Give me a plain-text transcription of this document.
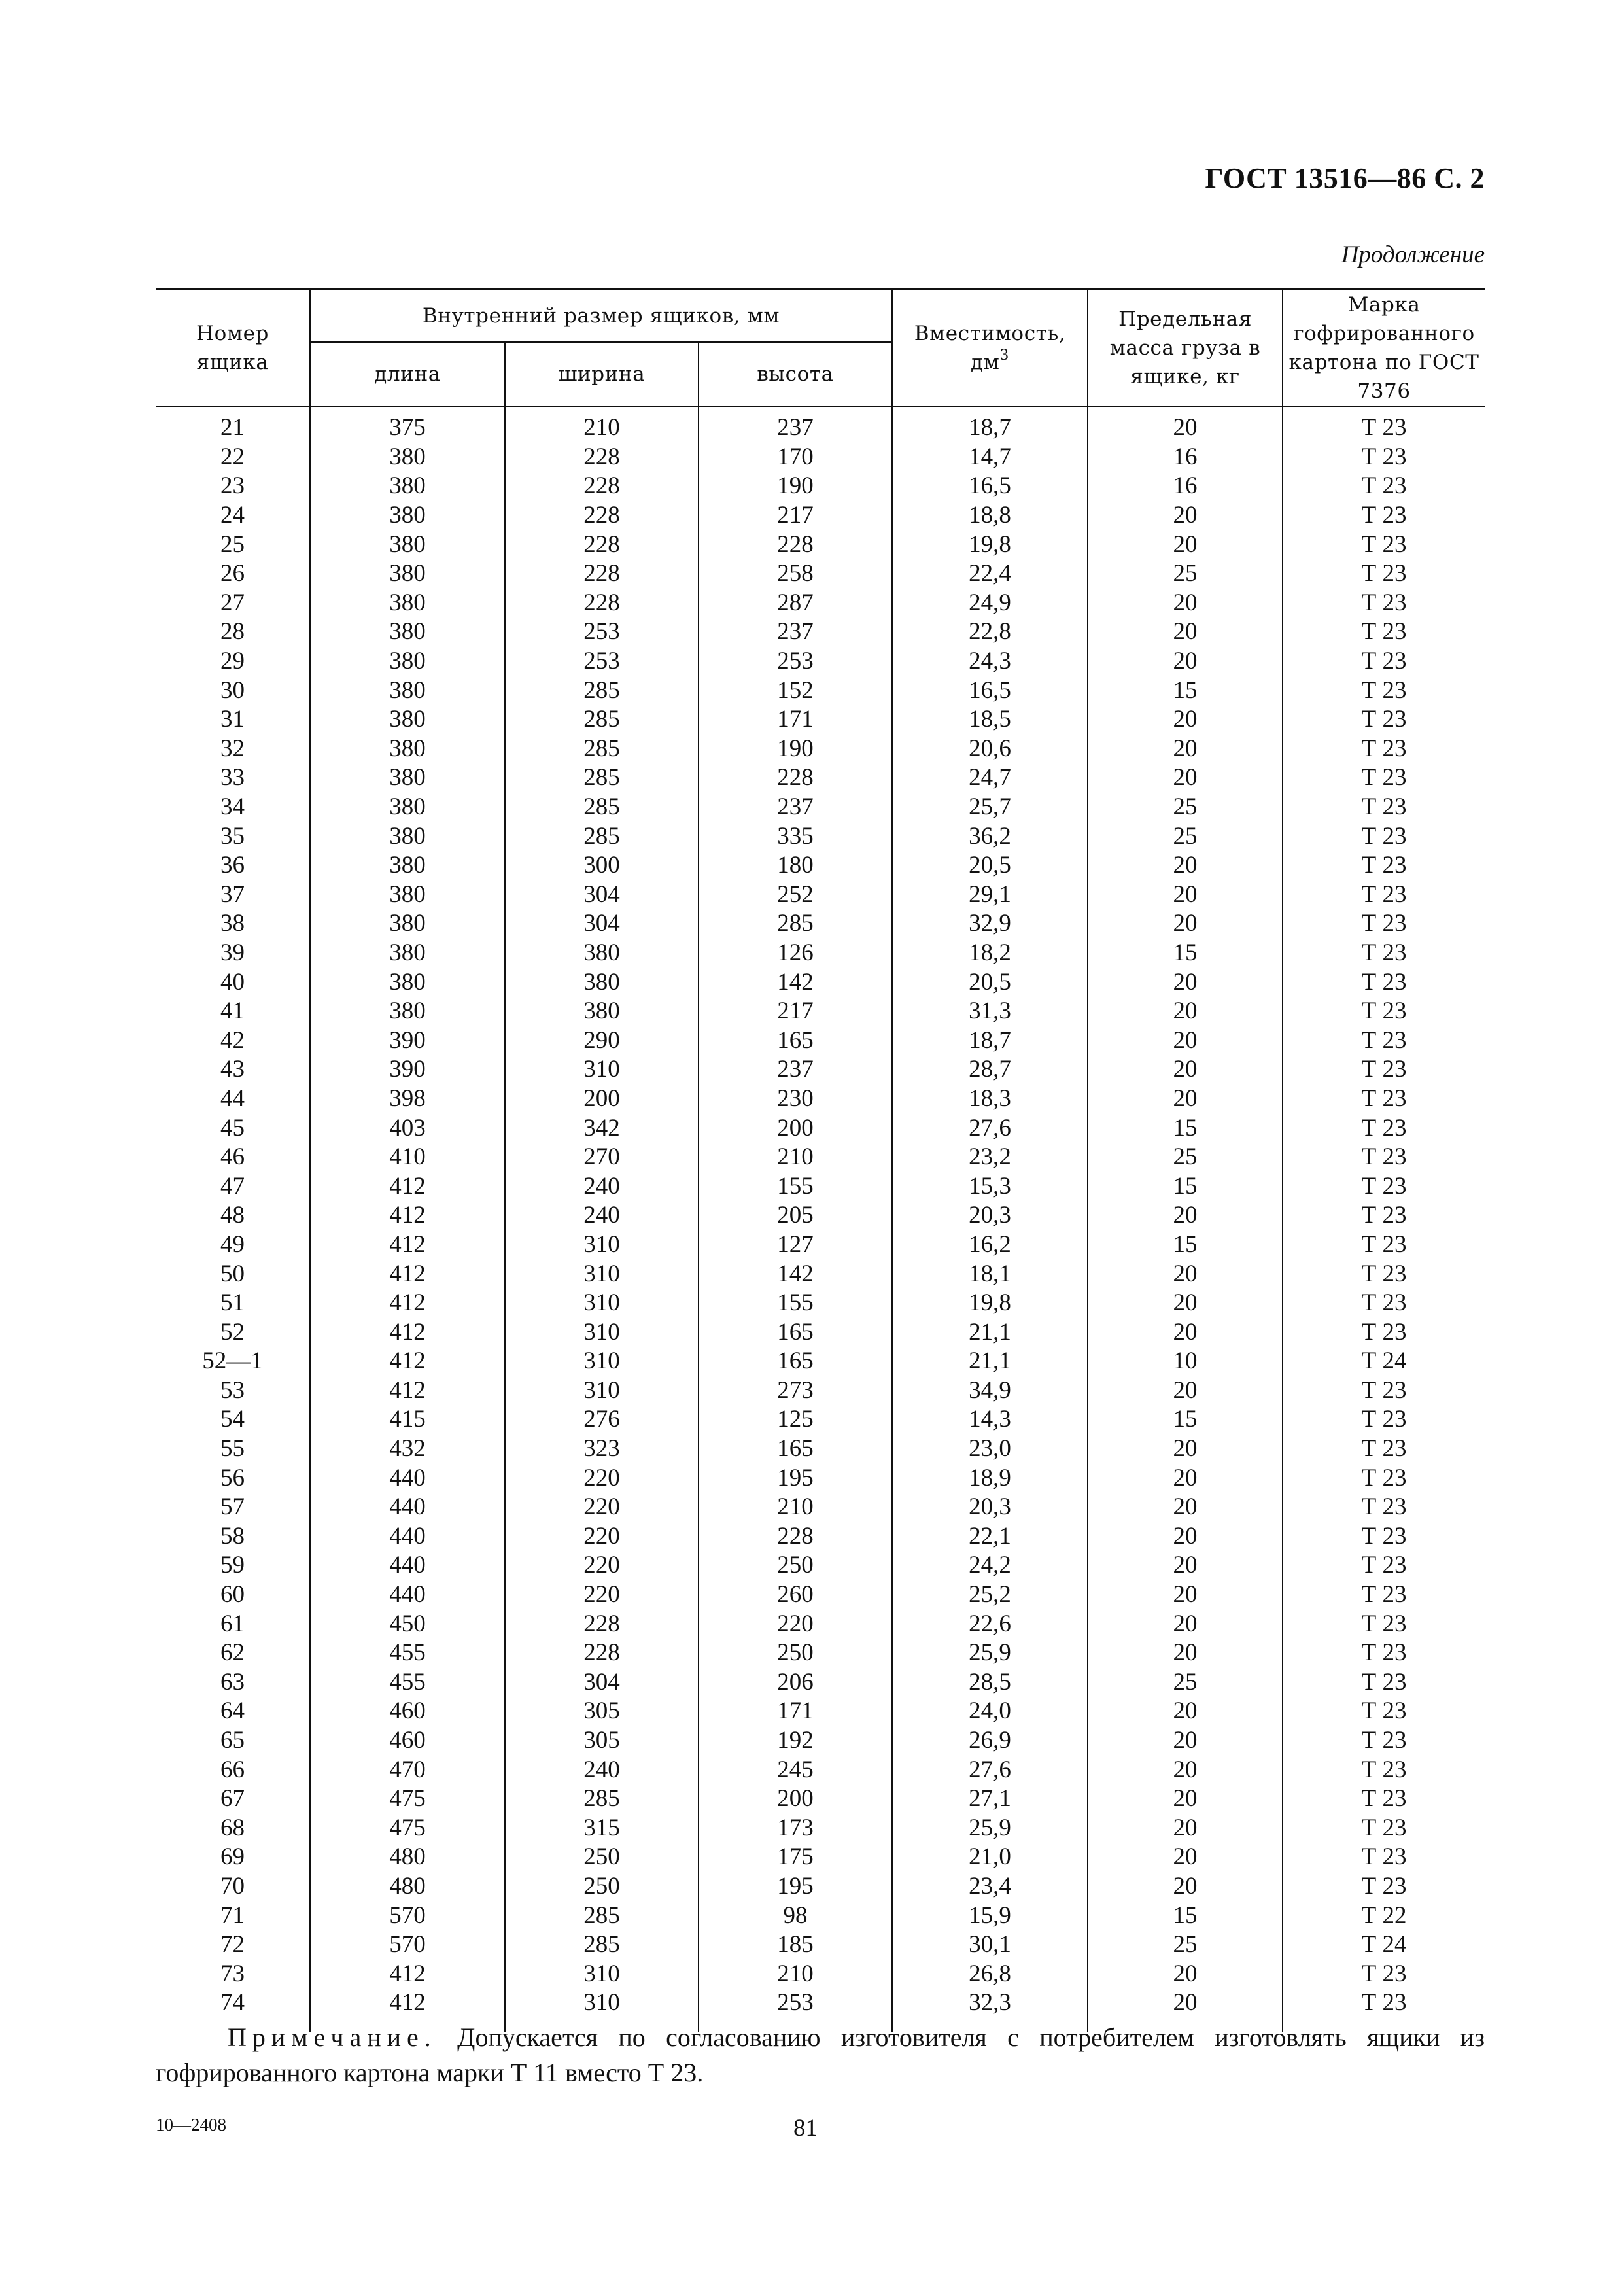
ГОСТ 13516—86 С. 2
Продолжение
Номер ящика	Внутренний размер ящиков, мм			Вместимость, $дм^3$	Предельная масса груза в ящике, кг	Марка гофрированного картона по ГОСТ 7376
	длина	ширина	высота			
21	375	210	237	18,7	20	Т 23
22	380	228	170	14,7	16	Т 23
23	380	228	190	16,5	16	Т 23
24	380	228	217	18,8	20	Т 23
25	380	228	228	19,8	20	Т 23
26	380	228	258	22,4	25	Т 23
27	380	228	287	24,9	20	Т 23
28	380	253	237	22,8	20	Т 23
29	380	253	253	24,3	20	Т 23
30	380	285	152	16,5	15	Т 23
31	380	285	171	18,5	20	Т 23
32	380	285	190	20,6	20	Т 23
33	380	285	228	24,7	20	Т 23
34	380	285	237	25,7	25	Т 23
35	380	285	335	36,2	25	Т 23
36	380	300	180	20,5	20	Т 23
37	380	304	252	29,1	20	Т 23
38	380	304	285	32,9	20	Т 23
39	380	380	126	18,2	15	Т 23
40	380	380	142	20,5	20	Т 23
41	380	380	217	31,3	20	Т 23
42	390	290	165	18,7	20	Т 23
43	390	310	237	28,7	20	Т 23
44	398	200	230	18,3	20	Т 23
45	403	342	200	27,6	15	Т 23
46	410	270	210	23,2	25	Т 23
47	412	240	155	15,3	15	Т 23
48	412	240	205	20,3	20	Т 23
49	412	310	127	16,2	15	Т 23
50	412	310	142	18,1	20	Т 23
51	412	310	155	19,8	20	Т 23
52	412	310	165	21,1	20	Т 23
52—1	412	310	165	21,1	10	Т 24
53	412	310	273	34,9	20	Т 23
54	415	276	125	14,3	15	Т 23
55	432	323	165	23,0	20	Т 23
56	440	220	195	18,9	20	Т 23
57	440	220	210	20,3	20	Т 23
58	440	220	228	22,1	20	Т 23
59	440	220	250	24,2	20	Т 23
60	440	220	260	25,2	20	Т 23
61	450	228	220	22,6	20	Т 23
62	455	228	250	25,9	20	Т 23
63	455	304	206	28,5	25	Т 23
64	460	305	171	24,0	20	Т 23
65	460	305	192	26,9	20	Т 23
66	470	240	245	27,6	20	Т 23
67	475	285	200	27,1	20	Т 23
68	475	315	173	25,9	20	Т 23
69	480	250	175	21,0	20	Т 23
70	480	250	195	23,4	20	Т 23
71	570	285	98	15,9	15	Т 22
72	570	285	185	30,1	25	Т 24
73	412	310	210	26,8	20	Т 23
74	412	310	253	32,3	20	Т 23
Примечание. Допускается по согласованию изготовителя с потребителем изготовлять ящики из
гофрированного картона марки Т 11 вместо Т 23.
10—2408	81
